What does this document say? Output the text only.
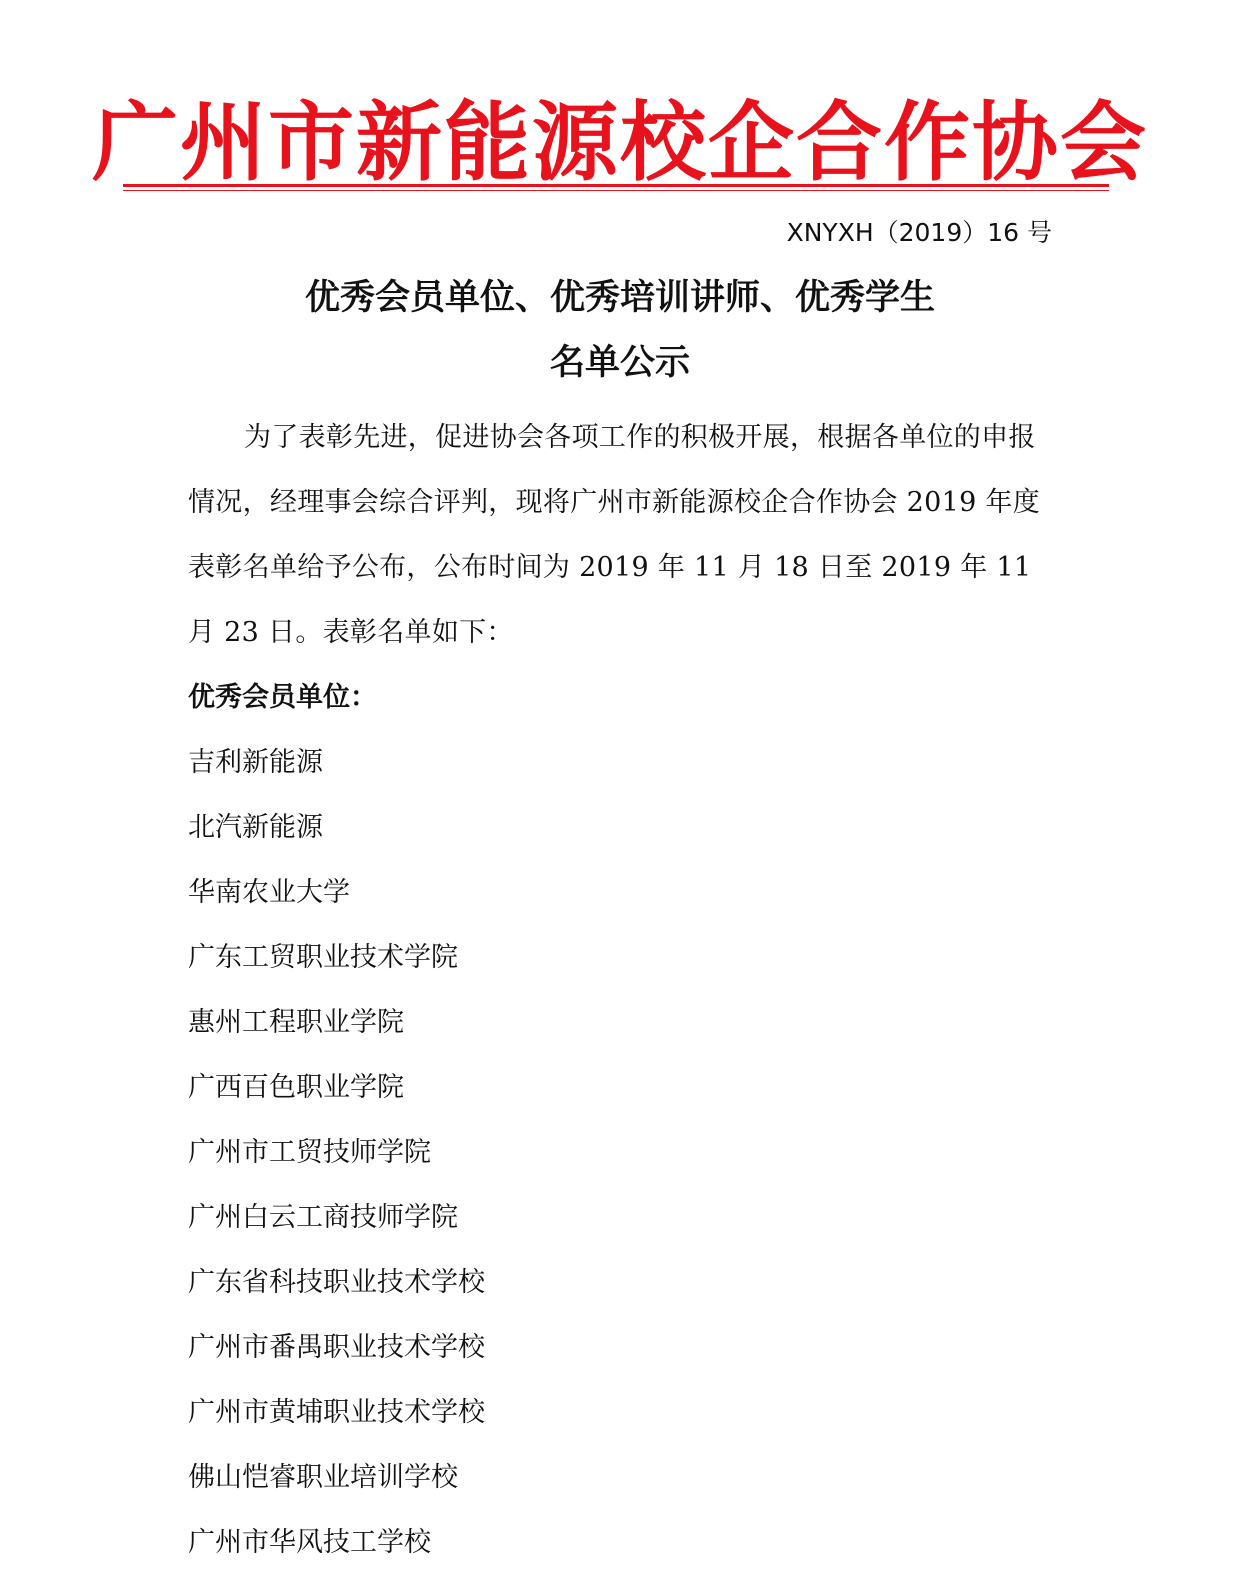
广州市新能源校企合作协会
XNYXH（2019）16 号
优秀会员单位、优秀培训讲师、优秀学生
名单公示

为了表彰先进，促进协会各项工作的积极开展，根据各单位的申报情况，经理事会综合评判，现将广州市新能源校企合作协会 2019 年度表彰名单给予公布，公布时间为 2019 年 11 月 18 日至 2019 年 11 月 23 日。表彰名单如下：

优秀会员单位：
吉利新能源
北汽新能源
华南农业大学
广东工贸职业技术学院
惠州工程职业学院
广西百色职业学院
广州市工贸技师学院
广州白云工商技师学院
广东省科技职业技术学校
广州市番禺职业技术学校
广州市黄埔职业技术学校
佛山恺睿职业培训学校
广州市华风技工学校
